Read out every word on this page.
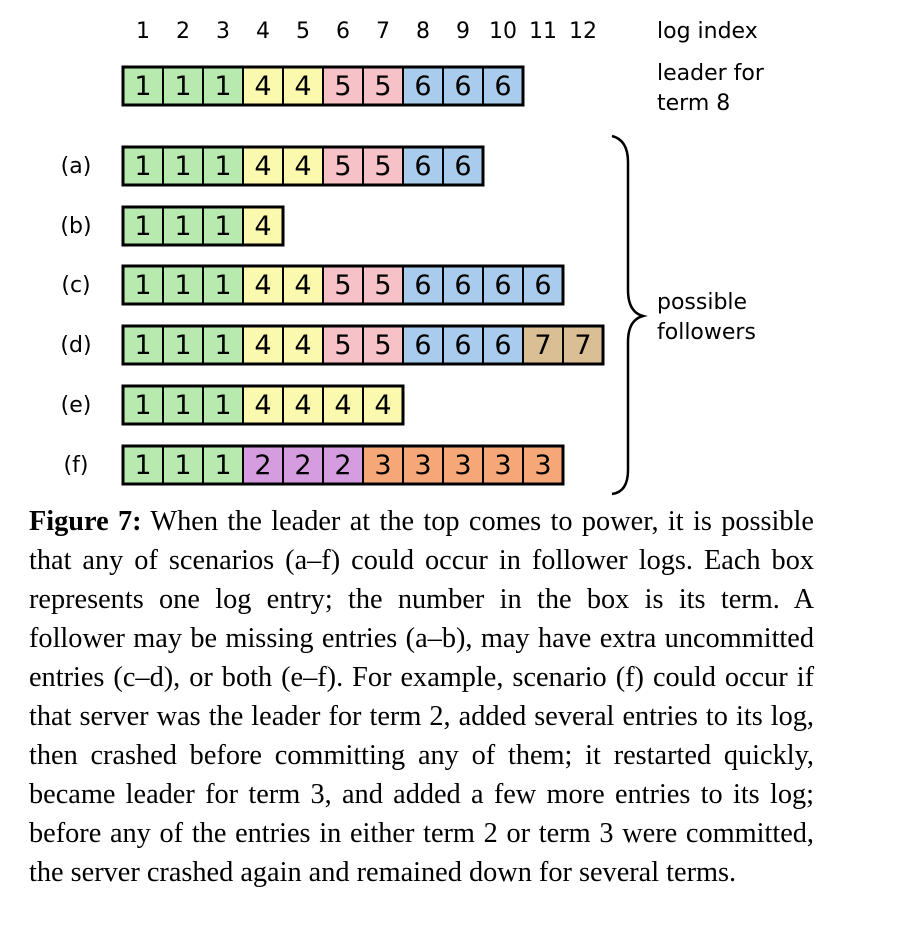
1 2 3 4 5 6 7 8 9 10 11 12	log index
1 1 1 4 4 5 5 6 6 6	leader for
term 8
(a) 1 1 1 4 4 5 5 6 6
(b) 1 1 1 4
(c) 1 1 1 4 4 5 5 6 6 6 6
(d) 1 1 1 4 4 5 5 6 6 6 7 7
(e) 1 1 1 4 4 4 4
(f) 1 1 1 2 2 2 3 3 3 3 3
possible
followers
Figure 7: When the leader at the top comes to power, it is possible that any of scenarios (a–f) could occur in follower logs. Each box represents one log entry; the number in the box is its term. A follower may be missing entries (a–b), may have extra uncommitted entries (c–d), or both (e–f). For example, scenario (f) could occur if that server was the leader for term 2, added several entries to its log, then crashed before committing any of them; it restarted quickly, became leader for term 3, and added a few more entries to its log; before any of the entries in either term 2 or term 3 were committed, the server crashed again and remained down for several terms.
